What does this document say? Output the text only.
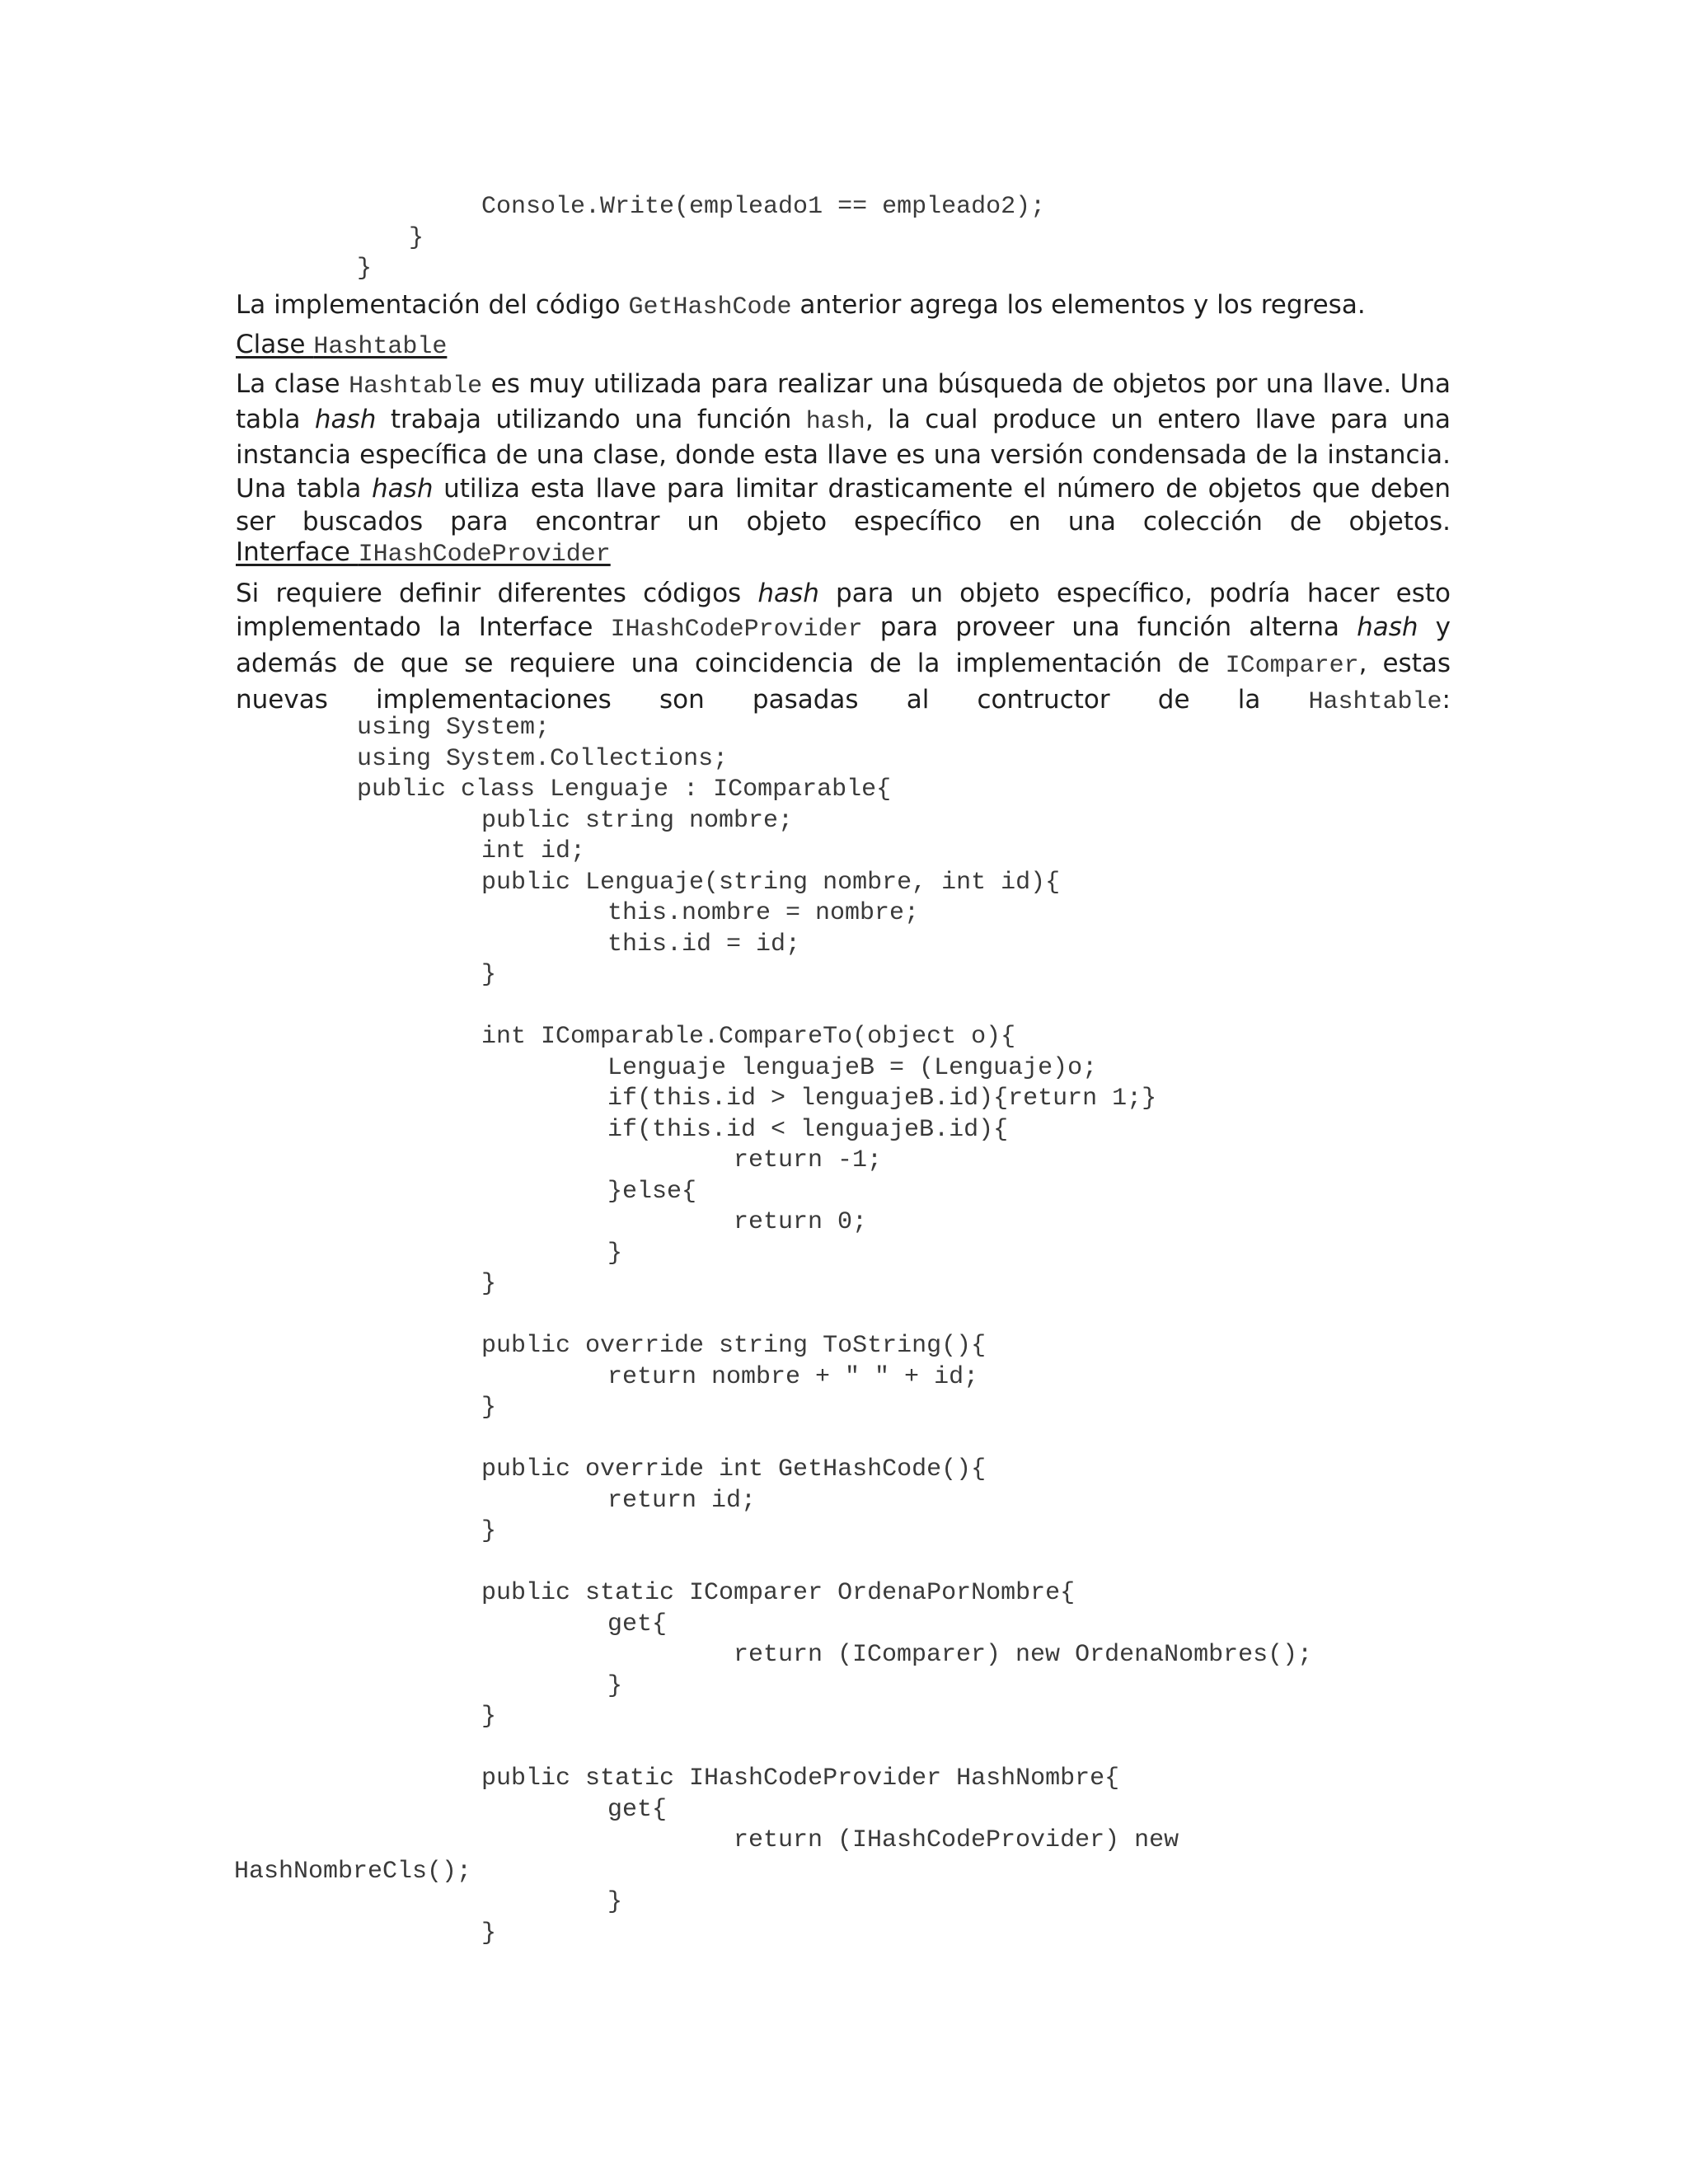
Console.Write(empleado1 == empleado2);
}
}

La implementación del código GetHashCode anterior agrega los elementos y los regresa.

Clase Hashtable

La clase Hashtable es muy utilizada para realizar una búsqueda de objetos por una llave. Una tabla hash trabaja utilizando una función hash, la cual produce un entero llave para una instancia específica de una clase, donde esta llave es una versión condensada de la instancia.

Una tabla hash utiliza esta llave para limitar drasticamente el número de objetos que deben ser buscados para encontrar un objeto específico en una colección de objetos.

Interface IHashCodeProvider

Si requiere definir diferentes códigos hash para un objeto específico, podría hacer esto implementado la Interface IHashCodeProvider para proveer una función alterna hash y además de que se requiere una coincidencia de la implementación de IComparer, estas nuevas implementaciones son pasadas al contructor de la Hashtable:

using System;
using System.Collections;
public class Lenguaje : IComparable{
public string nombre;
int id;
public Lenguaje(string nombre, int id){
this.nombre = nombre;
this.id = id;
}
int IComparable.CompareTo(object o){
Lenguaje lenguajeB = (Lenguaje)o;
if(this.id > lenguajeB.id){return 1;}
if(this.id < lenguajeB.id){
return -1;
}else{
return 0;
}
}
public override string ToString(){
return nombre + " " + id;
}
public override int GetHashCode(){
return id;
}
public static IComparer OrdenaPorNombre{
get{
return (IComparer) new OrdenaNombres();
}
}
public static IHashCodeProvider HashNombre{
get{
return (IHashCodeProvider) new
HashNombreCls();
}
}
